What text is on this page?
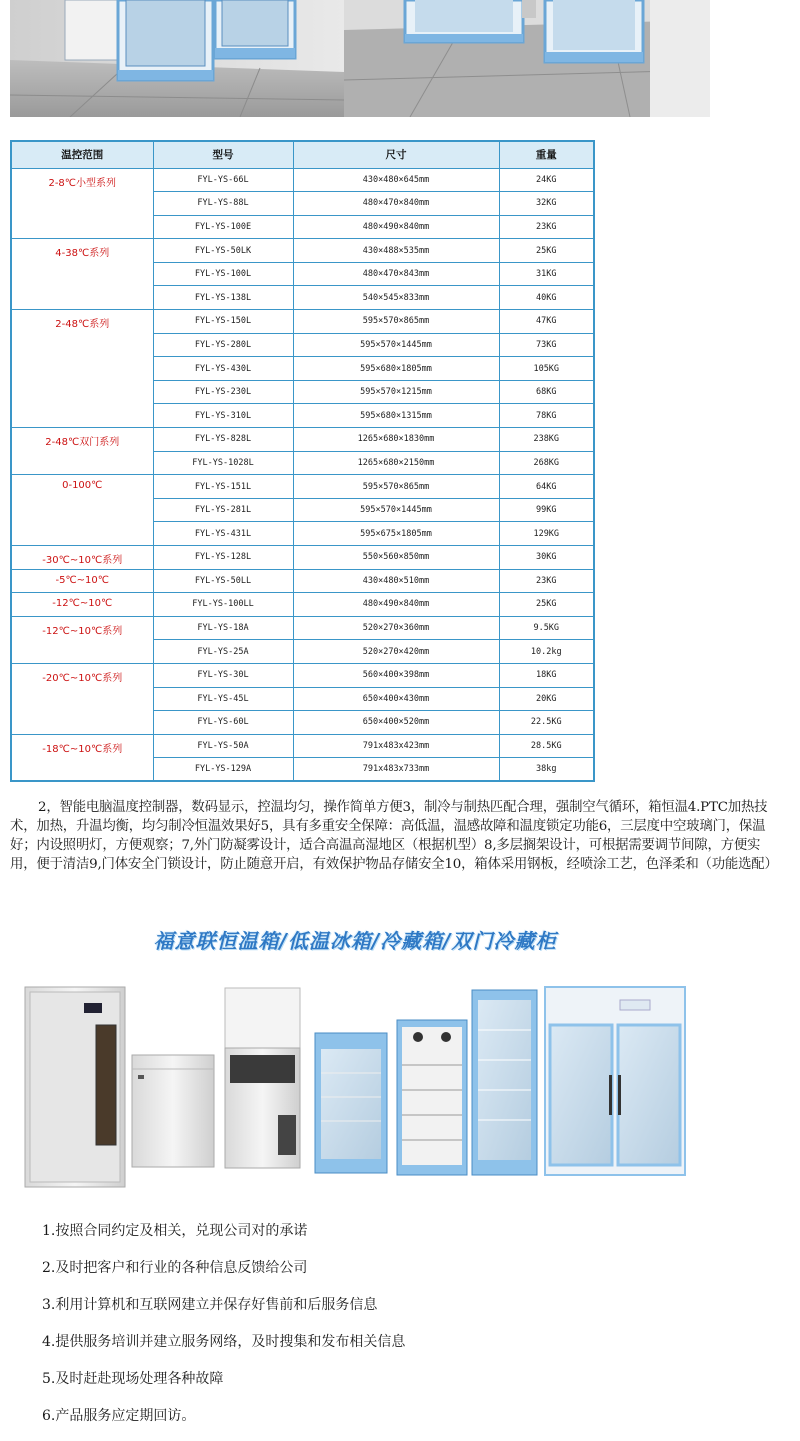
温控范围	型号	尺寸	重量
2-8℃小型系列	FYL-YS-66L	430×480×645mm	24KG
	FYL-YS-88L	480×470×840mm	32KG
	FYL-YS-100E	480×490×840mm	23KG
4-38℃系列	FYL-YS-50LK	430×488×535mm	25KG
	FYL-YS-100L	480×470×843mm	31KG
	FYL-YS-138L	540×545×833mm	40KG
2-48℃系列	FYL-YS-150L	595×570×865mm	47KG
	FYL-YS-280L	595×570×1445mm	73KG
	FYL-YS-430L	595×680×1805mm	105KG
	FYL-YS-230L	595×570×1215mm	68KG
	FYL-YS-310L	595×680×1315mm	78KG
2-48℃双门系列	FYL-YS-828L	1265×680×1830mm	238KG
	FYL-YS-1028L	1265×680×2150mm	268KG
0-100℃	FYL-YS-151L	595×570×865mm	64KG
	FYL-YS-281L	595×570×1445mm	99KG
	FYL-YS-431L	595×675×1805mm	129KG
-30℃~10℃系列	FYL-YS-128L	550×560×850mm	30KG
-5℃~10℃	FYL-YS-50LL	430×480×510mm	23KG
-12℃~10℃	FYL-YS-100LL	480×490×840mm	25KG
-12℃~10℃系列	FYL-YS-18A	520×270×360mm	9.5KG
	FYL-YS-25A	520×270×420mm	10.2kg
-20℃~10℃系列	FYL-YS-30L	560×400×398mm	18KG
	FYL-YS-45L	650×400×430mm	20KG
	FYL-YS-60L	650×400×520mm	22.5KG
-18℃~10℃系列	FYL-YS-50A	791x483x423mm	28.5KG
	FYL-YS-129A	791x483x733mm	38kg

2，智能电脑温度控制器，数码显示，控温均匀，操作简单方便3，制冷与制热匹配合理，强制空气循环，箱恒温4.PTC加热技术，加热，升温均衡，均匀制冷恒温效果好5，具有多重安全保障：高低温，温感故障和温度锁定功能6，三层度中空玻璃门，保温好；内设照明灯，方便观察；7,外门防凝雾设计，适合高温高湿地区（根据机型）8,多层搁架设计，可根据需要调节间隙，方便实用，便于清洁9,门体安全门锁设计，防止随意开启，有效保护物品存储安全10，箱体采用钢板，经喷涂工艺，色泽柔和（功能选配）

福意联恒温箱/低温冰箱/冷藏箱/双门冷藏柜
1.按照合同约定及相关，兑现公司对的承诺
2.及时把客户和行业的各种信息反馈给公司
3.利用计算机和互联网建立并保存好售前和后服务信息
4.提供服务培训并建立服务网络，及时搜集和发布相关信息
5.及时赶赴现场处理各种故障
6.产品服务应定期回访。
